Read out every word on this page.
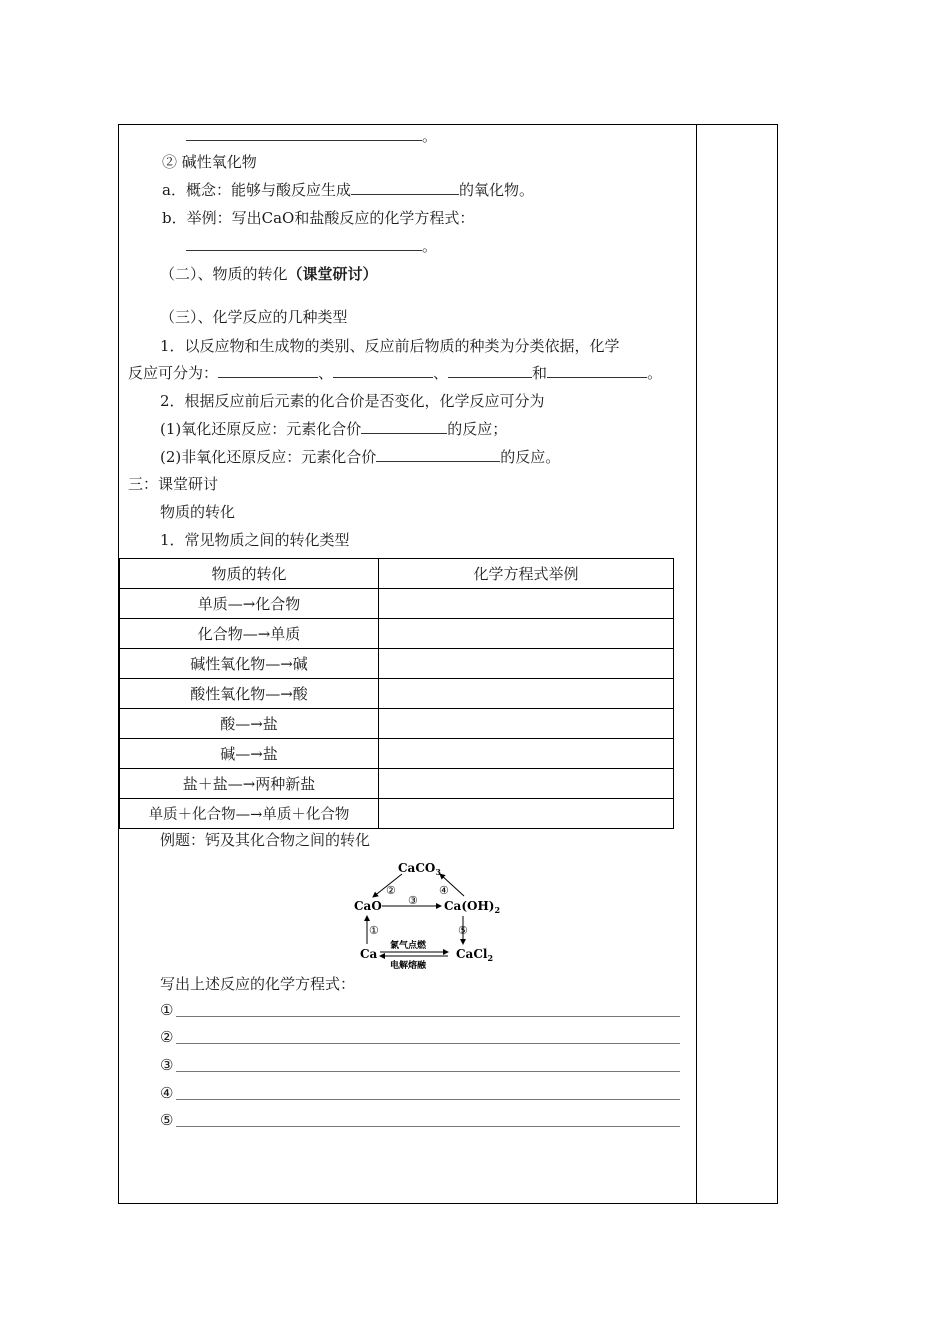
。
② 碱性氧化物
a．概念：能够与酸反应生成	的氧化物。
b．举例：写出CaO和盐酸反应的化学方程式：
。
（二）、物质的转化（课堂研讨）
（三）、化学反应的几种类型
1．以反应物和生成物的类别、反应前后物质的种类为分类依据，化学
反应可分为：	、	、	和	。
2．根据反应前后元素的化合价是否变化，化学反应可分为
(1)氧化还原反应：元素化合价	的反应；
(2)非氧化还原反应：元素化合价	的反应。
三：课堂研讨
物质的转化
1．常见物质之间的转化类型
物质的转化	化学方程式举例
单质—→化合物	
化合物—→单质	
碱性氧化物—→碱	
酸性氧化物—→酸	
酸—→盐	
碱—→盐	
盐＋盐—→两种新盐	
单质＋化合物—→单质＋化合物	
例题：钙及其化合物之间的转化
CaCO$_3$
CaO	$Ca(OH)_2$
Ca	CaCl$_2$
②	④
③
①	⑤
氯气点燃
电解熔融
写出上述反应的化学方程式：
①
②
③
④
⑤
